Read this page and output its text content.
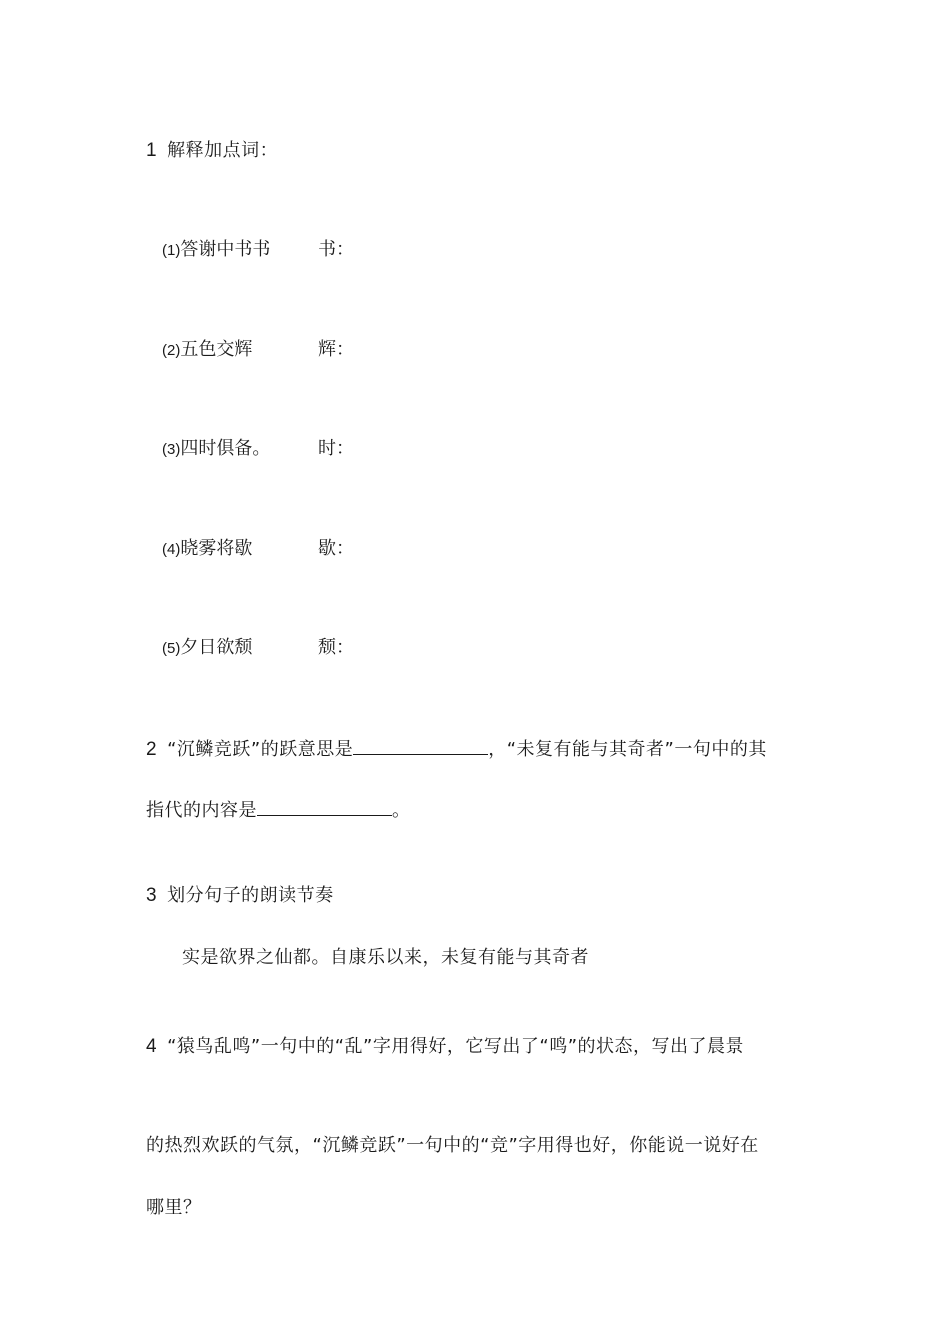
1 解释加点词：
(1)答谢中书书	书：
(2)五色交辉	辉：
(3)四时俱备。	时：
(4)晓雾将歇	歇：
(5)夕日欲颓	颓：
2 “沉鳞竞跃”的跃意思是	，“未复有能与其奇者”一句中的其
指代的内容是	。
3 划分句子的朗读节奏
实是欲界之仙都。自康乐以来，未复有能与其奇者
4 “猿鸟乱鸣”一句中的“乱”字用得好，它写出了“鸣”的状态，写出了晨景
的热烈欢跃的气氛，“沉鳞竞跃”一句中的“竞”字用得也好，你能说一说好在
哪里？
